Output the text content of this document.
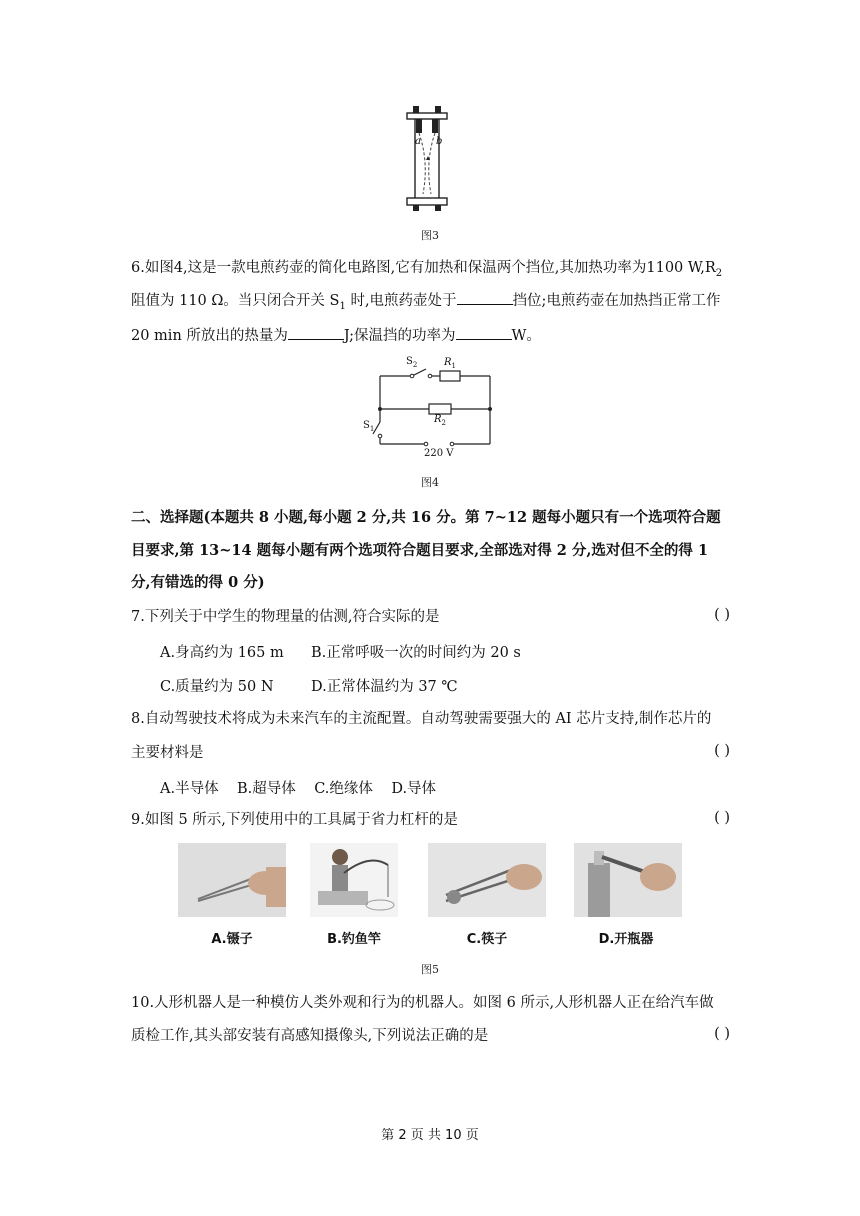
a b
图3
6.如图4,这是一款电煎药壶的简化电路图,它有加热和保温两个挡位,其加热功率为1100 $W,R_2$
阻值为 110 Ω。当只闭合开关 $S_1$ 时,电煎药壶处于	挡位;电煎药壶在加热挡正常工作
20 min 所放出的热量为	J;保温挡的功率为	W。
$S_2$	$R_1$
$R_2$
$S_1$
220 V
图4
二、选择题(本题共 8 小题,每小题 2 分,共 16 分。第 7~12 题每小题只有一个选项符合题
目要求,第 13~14 题每小题有两个选项符合题目要求,全部选对得 2 分,选对但不全的得 1
分,有错选的得 0 分)
7.下列关于中学生的物理量的估测,符合实际的是	( )
A.身高约为 165 m B.正常呼吸一次的时间约为 20 s
C.质量约为 50 N	D.正常体温约为 37 ℃
8.自动驾驶技术将成为未来汽车的主流配置。自动驾驶需要强大的 AI 芯片支持,制作芯片的
主要材料是	( )
A.半导体    B.超导体    C.绝缘体    D.导体
9.如图 5 所示,下列使用中的工具属于省力杠杆的是	( )
A.镊子	B.钓鱼竿	C.筷子	D.开瓶器
图5
10.人形机器人是一种模仿人类外观和行为的机器人。如图 6 所示,人形机器人正在给汽车做
质检工作,其头部安装有高感知摄像头,下列说法正确的是	( )
第 2 页 共 10 页
